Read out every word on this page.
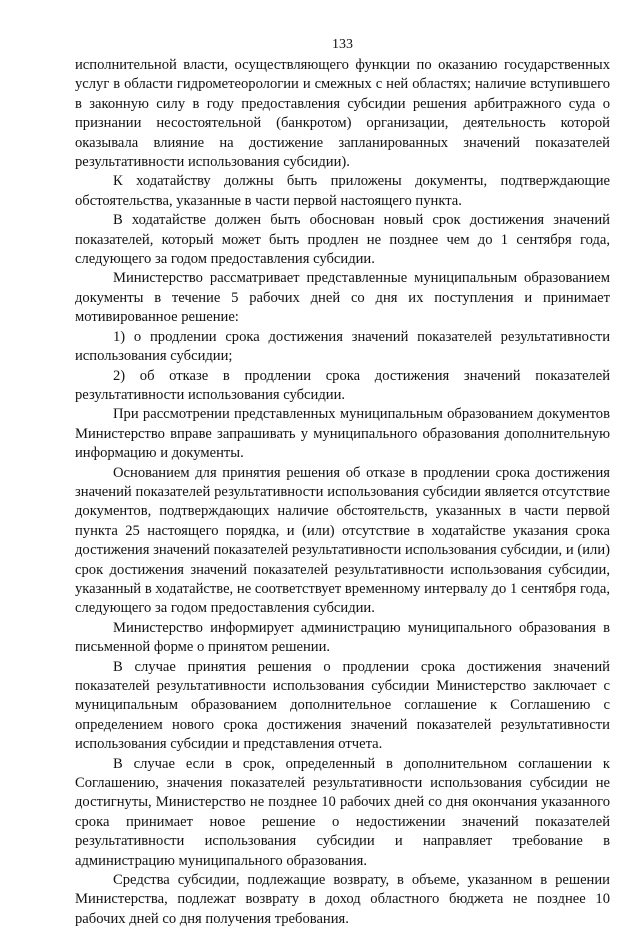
133

исполнительной власти, осуществляющего функции по оказанию государственных услуг в области гидрометеорологии и смежных с ней областях; наличие вступившего в законную силу в году предоставления субсидии решения арбитражного суда о признании несостоятельной (банкротом) организации, деятельность которой оказывала влияние на достижение запланированных значений показателей результативности использования субсидии).

К ходатайству должны быть приложены документы, подтверждающие обстоятельства, указанные в части первой настоящего пункта.

В ходатайстве должен быть обоснован новый срок достижения значений показателей, который может быть продлен не позднее чем до 1 сентября года, следующего за годом предоставления субсидии.

Министерство рассматривает представленные муниципальным образованием документы в течение 5 рабочих дней со дня их поступления и принимает мотивированное решение:

1) о продлении срока достижения значений показателей результативности использования субсидии;

2) об отказе в продлении срока достижения значений показателей результативности использования субсидии.

При рассмотрении представленных муниципальным образованием документов Министерство вправе запрашивать у муниципального образования дополнительную информацию и документы.

Основанием для принятия решения об отказе в продлении срока достижения значений показателей результативности использования субсидии является отсутствие документов, подтверждающих наличие обстоятельств, указанных в части первой пункта 25 настоящего порядка, и (или) отсутствие в ходатайстве указания срока достижения значений показателей результативности использования субсидии, и (или) срок достижения значений показателей результативности использования субсидии, указанный в ходатайстве, не соответствует временному интервалу до 1 сентября года, следующего за годом предоставления субсидии.

Министерство информирует администрацию муниципального образования в письменной форме о принятом решении.

В случае принятия решения о продлении срока достижения значений показателей результативности использования субсидии Министерство заключает с муниципальным образованием дополнительное соглашение к Соглашению с определением нового срока достижения значений показателей результативности использования субсидии и представления отчета.

В случае если в срок, определенный в дополнительном соглашении к Соглашению, значения показателей результативности использования субсидии не достигнуты, Министерство не позднее 10 рабочих дней со дня окончания указанного срока принимает новое решение о недостижении значений показателей результативности использования субсидии и направляет требование в администрацию муниципального образования.

Средства субсидии, подлежащие возврату, в объеме, указанном в решении Министерства, подлежат возврату в доход областного бюджета не позднее 10 рабочих дней со дня получения требования.
